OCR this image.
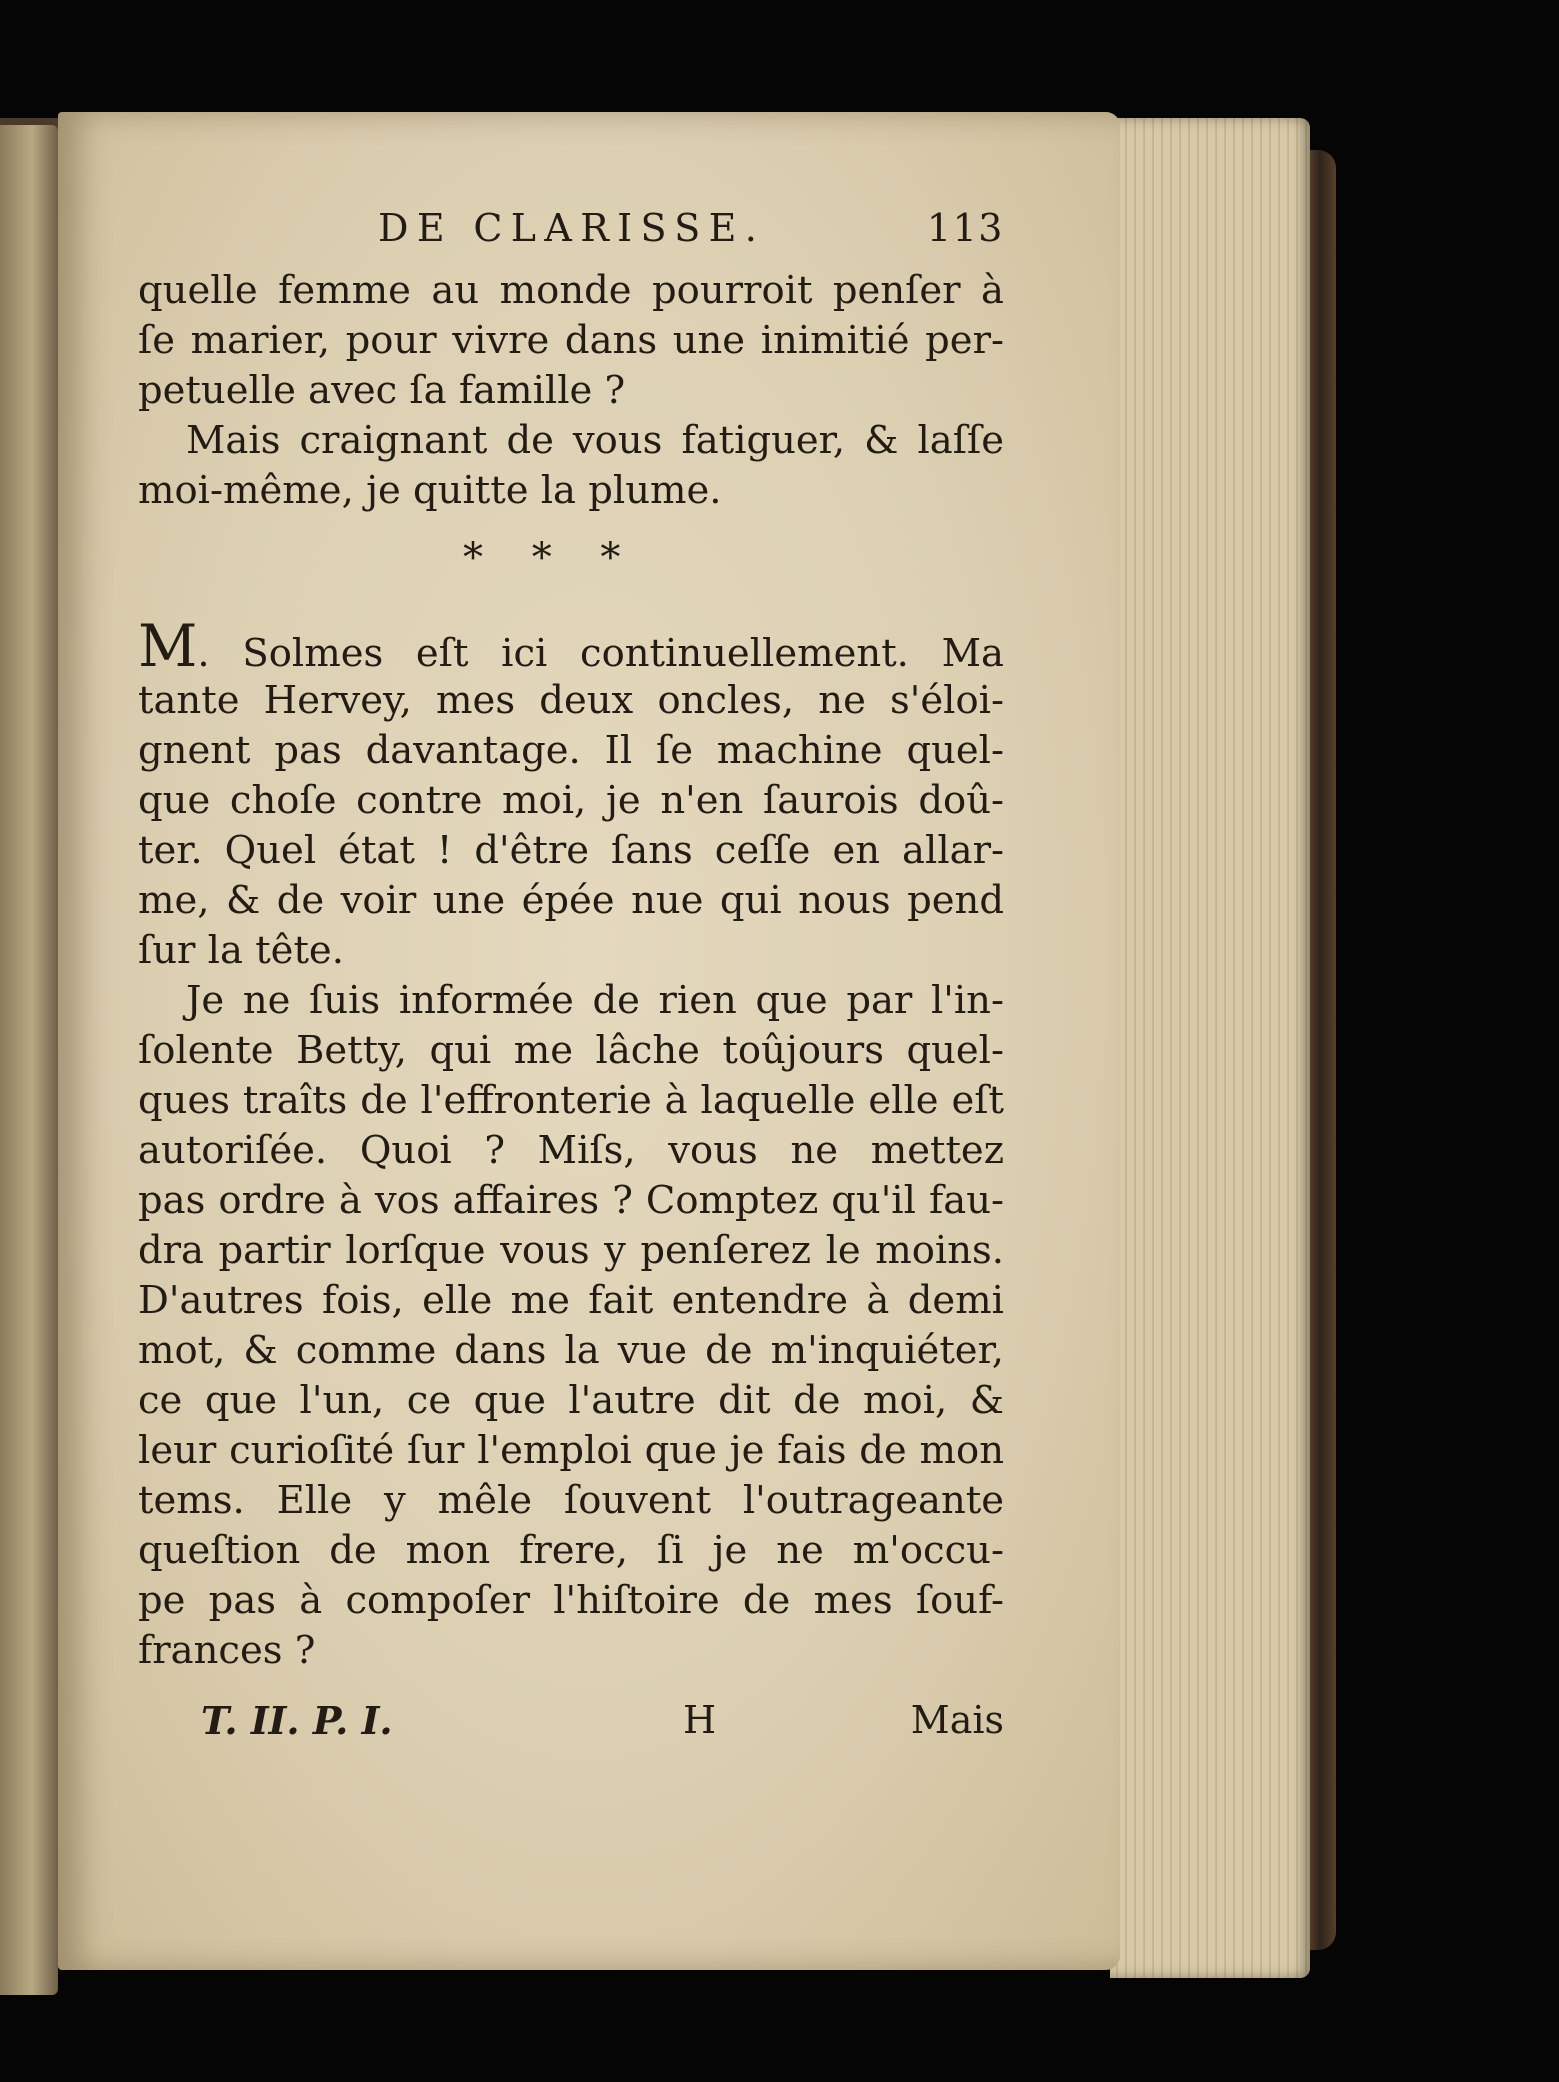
DE CLARISSE.	113
quelle femme au monde pourroit penſer à
ſe marier, pour vivre dans une inimitié per-
petuelle avec ſa famille ?
Mais craignant de vous fatiguer, & laſſe
moi-même, je quitte la plume.
* * *
M. Solmes eſt ici continuellement. Ma
tante Hervey, mes deux oncles, ne s'éloi-
gnent pas davantage. Il ſe machine quel-
que choſe contre moi, je n'en ſaurois doû-
ter. Quel état ! d'être ſans ceſſe en allar-
me, & de voir une épée nue qui nous pend
ſur la tête.
Je ne ſuis informée de rien que par l'in-
ſolente Betty, qui me lâche toûjours quel-
ques traîts de l'effronterie à laquelle elle eſt
autoriſée. Quoi ? Miſs, vous ne mettez
pas ordre à vos affaires ? Comptez qu'il fau-
dra partir lorſque vous y penſerez le moins.
D'autres fois, elle me fait entendre à demi
mot, & comme dans la vue de m'inquiéter,
ce que l'un, ce que l'autre dit de moi, &
leur curioſité ſur l'emploi que je fais de mon
tems. Elle y mêle ſouvent l'outrageante
queſtion de mon frere, ſi je ne m'occu-
pe pas à compoſer l'hiſtoire de mes ſouf-
frances ?
T. II. P. I.	H	Mais
